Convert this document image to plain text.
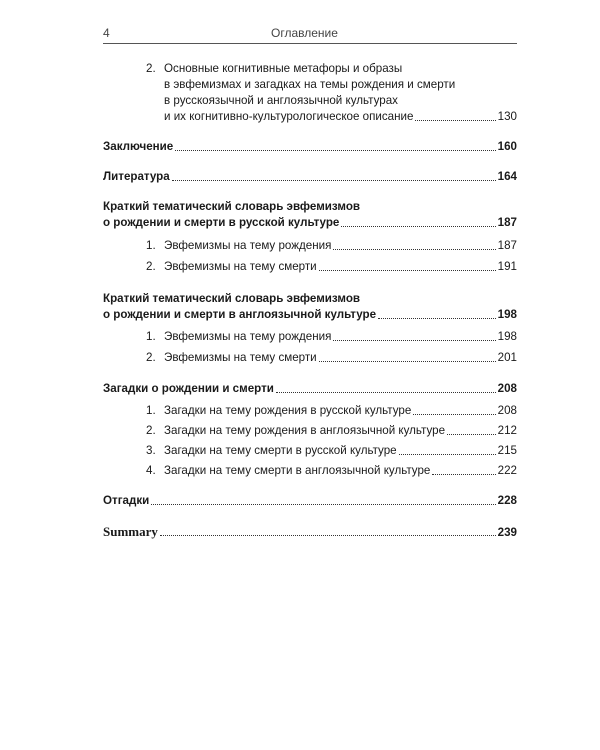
4	Оглавление
2. Основные когнитивные метафоры и образы
в эвфемизмах и загадках на темы рождения и смерти
в русскоязычной и англоязычной культурах
и их когнитивно-культурологическое описание	130
Заключение	160
Литература	164
Краткий тематический словарь эвфемизмов
о рождении и смерти в русской культуре	187
1. Эвфемизмы на тему рождения	187
2. Эвфемизмы на тему смерти	191
Краткий тематический словарь эвфемизмов
о рождении и смерти в англоязычной культуре	198
1. Эвфемизмы на тему рождения	198
2. Эвфемизмы на тему смерти	201
Загадки о рождении и смерти	208
1. Загадки на тему рождения в русской культуре	208
2. Загадки на тему рождения в англоязычной культуре	212
3. Загадки на тему смерти в русской культуре	215
4. Загадки на тему смерти в англоязычной культуре	222
Отгадки	228
Summary	239
